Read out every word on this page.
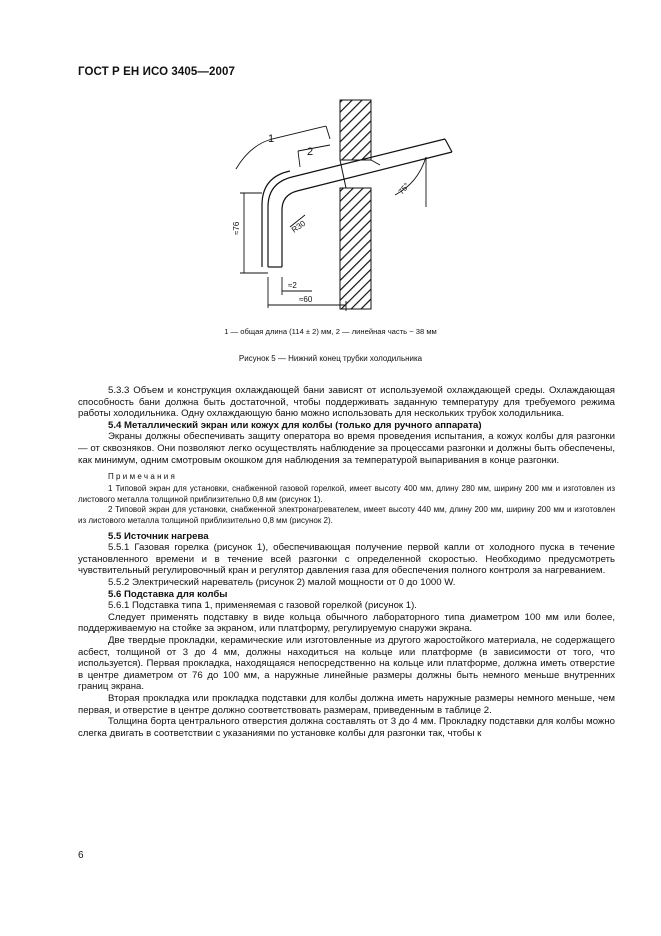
ГОСТ Р ЕН ИСО 3405—2007
1
2
75°
R30
≈76
≈2
≈60
1 — общая длина (114 ± 2) мм, 2 — линейная часть ~ 38 мм
Рисунок 5 — Нижний конец трубки холодильника

5.3.3 Объем и конструкция охлаждающей бани зависят от используемой охлаждающей среды. Охлаждающая способность бани должна быть достаточной, чтобы поддерживать заданную температуру для требуемого режима работы холодильника. Одну охлаждающую баню можно использовать для нескольких трубок холодильника.

5.4 Металлический экран или кожух для колбы (только для ручного аппарата)

Экраны должны обеспечивать защиту оператора во время проведения испытания, а кожух колбы для разгонки — от сквозняков. Они позволяют легко осуществлять наблюдение за процессами разгонки и должны быть обеспечены, как минимум, одним смотровым окошком для наблюдения за температурой выпаривания в конце разгонки.

Примечания

1 Типовой экран для установки, снабженной газовой горелкой, имеет высоту 400 мм, длину 280 мм, ширину 200 мм и изготовлен из листового металла толщиной приблизительно 0,8 мм (рисунок 1).

2 Типовой экран для установки, снабженной электронагревателем, имеет высоту 440 мм, длину 200 мм, ширину 200 мм и изготовлен из листового металла толщиной приблизительно 0,8 мм (рисунок 2).

5.5 Источник нагрева

5.5.1 Газовая горелка (рисунок 1), обеспечивающая получение первой капли от холодного пуска в течение установленного времени и в течение всей разгонки с определенной скоростью. Необходимо предусмотреть чувствительный регулировочный кран и регулятор давления газа для обеспечения полного контроля за нагреванием.

5.5.2 Электрический нареватель (рисунок 2) малой мощности от 0 до 1000 W.

5.6 Подставка для колбы

5.6.1 Подставка типа 1, применяемая с газовой горелкой (рисунок 1).

Следует применять подставку в виде кольца обычного лабораторного типа диаметром 100 мм или более, поддерживаемую на стойке за экраном, или платформу, регулируемую снаружи экрана.

Две твердые прокладки, керамические или изготовленные из другого жаростойкого материала, не содержащего асбест, толщиной от 3 до 4 мм, должны находиться на кольце или платформе (в зависимости от того, что используется). Первая прокладка, находящаяся непосредственно на кольце или платформе, должна иметь отверстие в центре диаметром от 76 до 100 мм, а наружные линейные размеры должны быть немного меньше внутренних границ экрана.

Вторая прокладка или прокладка подставки для колбы должна иметь наружные размеры немного меньше, чем первая, и отверстие в центре должно соответствовать размерам, приведенным в таблице 2.

Толщина борта центрального отверстия должна составлять от 3 до 4 мм. Прокладку подставки для колбы можно слегка двигать в соответствии с указаниями по установке колбы для разгонки так, чтобы к

6
